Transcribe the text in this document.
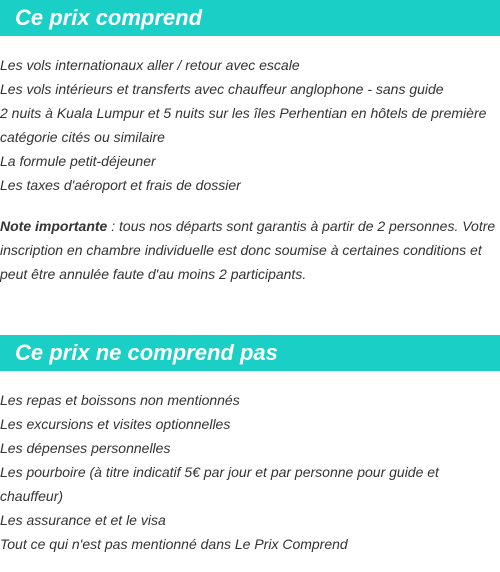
Ce prix comprend
Les vols internationaux aller / retour avec escale
Les vols intérieurs et transferts avec chauffeur anglophone - sans guide
2 nuits à Kuala Lumpur et 5 nuits sur les îles Perhentian en hôtels de première catégorie cités ou similaire
La formule petit-déjeuner
Les taxes d'aéroport et frais de dossier

Note importante : tous nos départs sont garantis à partir de 2 personnes. Votre inscription en chambre individuelle est donc soumise à certaines conditions et peut être annulée faute d'au moins 2 participants.

Ce prix ne comprend pas
Les repas et boissons non mentionnés
Les excursions et visites optionnelles
Les dépenses personnelles
Les pourboire (à titre indicatif 5€ par jour et par personne pour guide et chauffeur)
Les assurance et et le visa
Tout ce qui n'est pas mentionné dans Le Prix Comprend
